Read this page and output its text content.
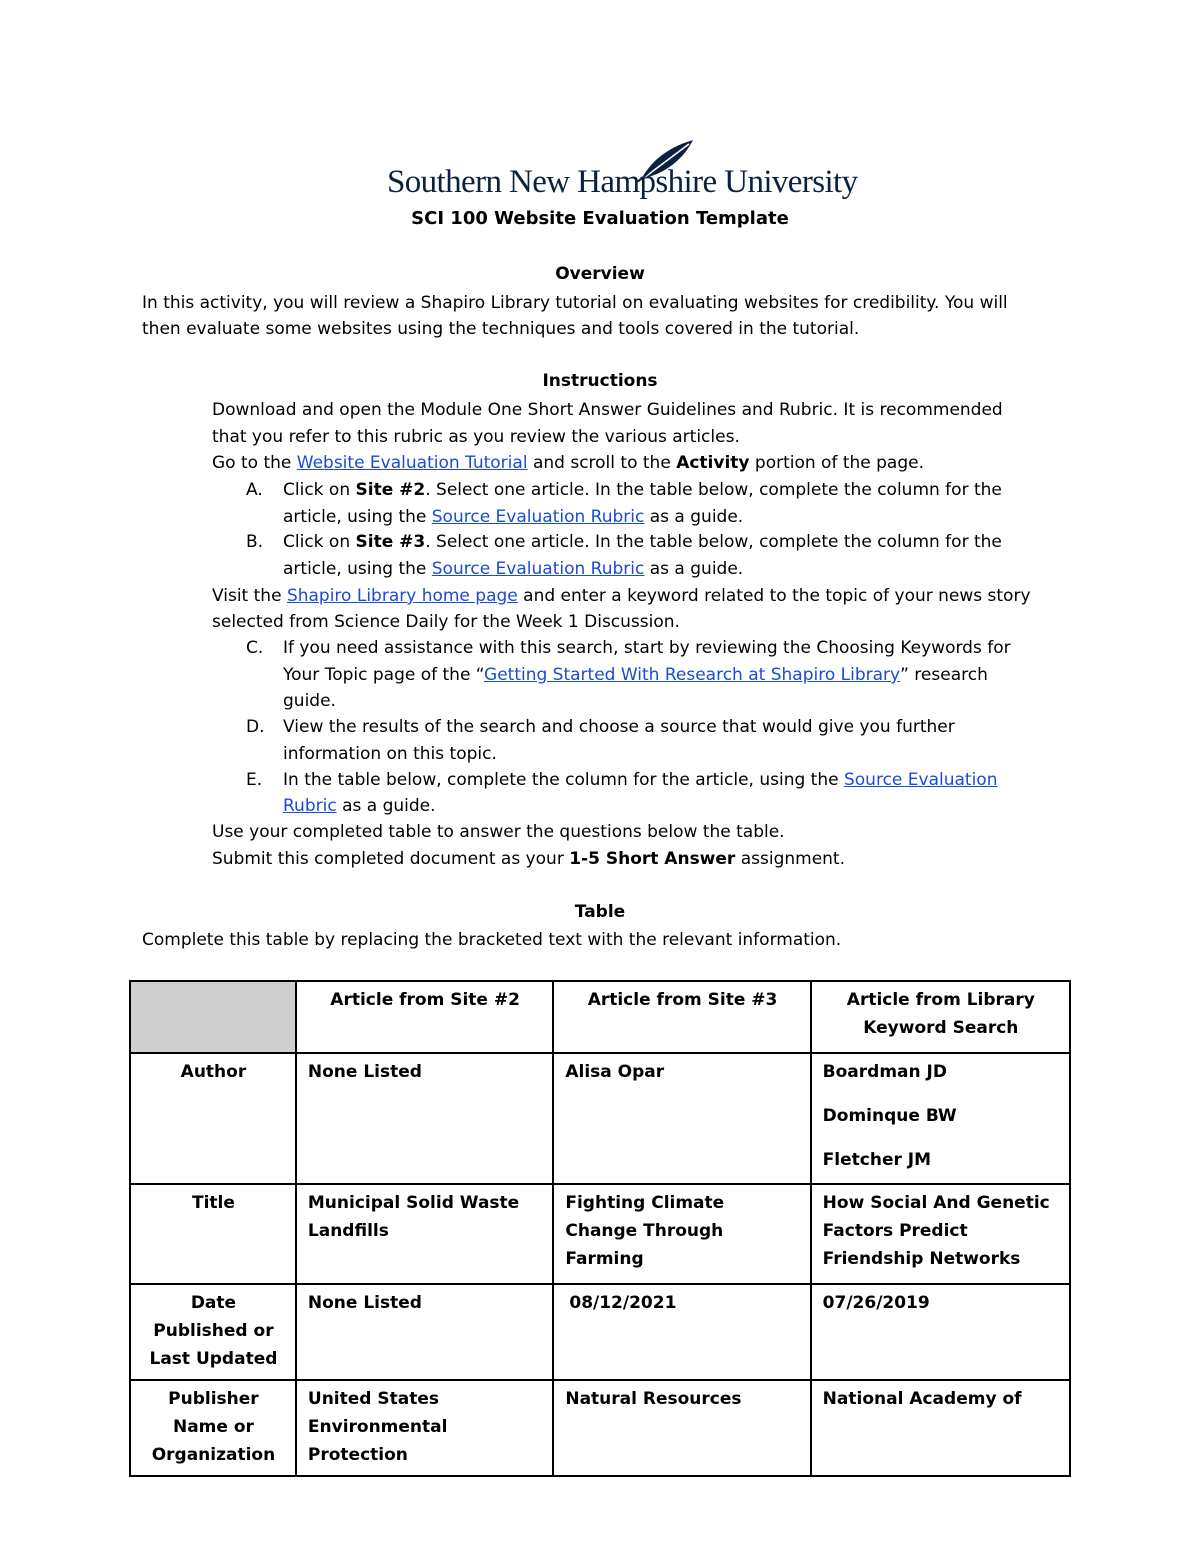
Southern New Hampshire University
SCI 100 Website Evaluation Template
Overview
In this activity, you will review a Shapiro Library tutorial on evaluating websites for credibility. You will
then evaluate some websites using the techniques and tools covered in the tutorial.
Instructions
Download and open the Module One Short Answer Guidelines and Rubric. It is recommended
that you refer to this rubric as you review the various articles.
Go to the Website Evaluation Tutorial and scroll to the Activity portion of the page.
A. Click on Site #2. Select one article. In the table below, complete the column for the
article, using the Source Evaluation Rubric as a guide.
B. Click on Site #3. Select one article. In the table below, complete the column for the
article, using the Source Evaluation Rubric as a guide.
Visit the Shapiro Library home page and enter a keyword related to the topic of your news story
selected from Science Daily for the Week 1 Discussion.
C. If you need assistance with this search, start by reviewing the Choosing Keywords for
Your Topic page of the “Getting Started With Research at Shapiro Library” research
guide.
D. View the results of the search and choose a source that would give you further
information on this topic.
E. In the table below, complete the column for the article, using the Source Evaluation
Rubric as a guide.
Use your completed table to answer the questions below the table.
Submit this completed document as your 1-5 Short Answer assignment.
Table
Complete this table by replacing the bracketed text with the relevant information.
	Article from Site #2	Article from Site #3	Article from Library Keyword Search
Author	None Listed	Alisa Opar	Boardman JD
Dominque BW
Fletcher JM

Title	Municipal Solid Waste Landfills	Fighting Climate Change Through Farming	How Social And Genetic Factors Predict Friendship Networks
Date Published or Last Updated	None Listed	08/12/2021	07/26/2019
Publisher Name or Organization	United States Environmental Protection	Natural Resources	National Academy of
